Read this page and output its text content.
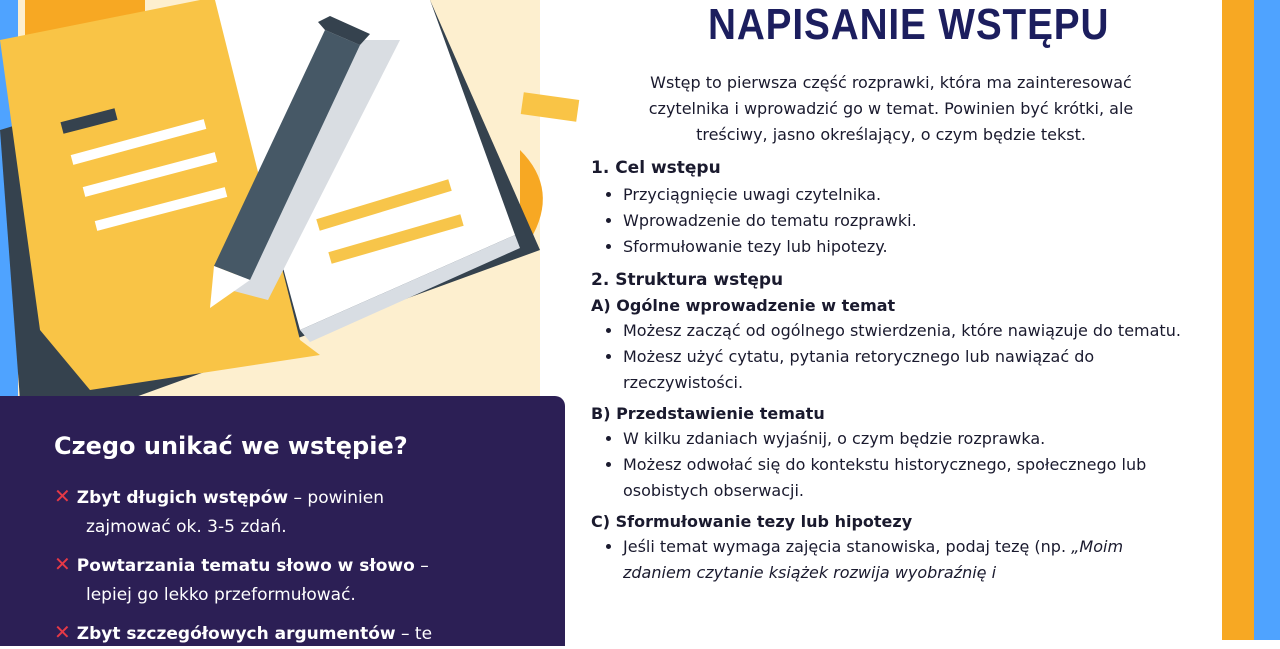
Czego unikać we wstępie?
✕ Zbyt długich wstępów – powinien
zajmować ok. 3-5 zdań.
✕ Powtarzania tematu słowo w słowo –
lepiej go lekko przeformułować.
✕ Zbyt szczegółowych argumentów – te
NAPISANIE WSTĘPU
Wstęp to pierwsza część rozprawki, która ma zainteresować
czytelnika i wprowadzić go w temat. Powinien być krótki, ale
treściwy, jasno określający, o czym będzie tekst.
1. Cel wstępu
• Przyciągnięcie uwagi czytelnika.
• Wprowadzenie do tematu rozprawki.
• Sformułowanie tezy lub hipotezy.
2. Struktura wstępu
A) Ogólne wprowadzenie w temat
• Możesz zacząć od ogólnego stwierdzenia, które nawiązuje do tematu.
• Możesz użyć cytatu, pytania retorycznego lub nawiązać do rzeczywistości.
B) Przedstawienie tematu
• W kilku zdaniach wyjaśnij, o czym będzie rozprawka.
• Możesz odwołać się do kontekstu historycznego, społecznego lub osobistych obserwacji.
C) Sformułowanie tezy lub hipotezy
• Jeśli temat wymaga zajęcia stanowiska, podaj tezę (np. „Moim zdaniem czytanie książek rozwija wyobraźnię i
